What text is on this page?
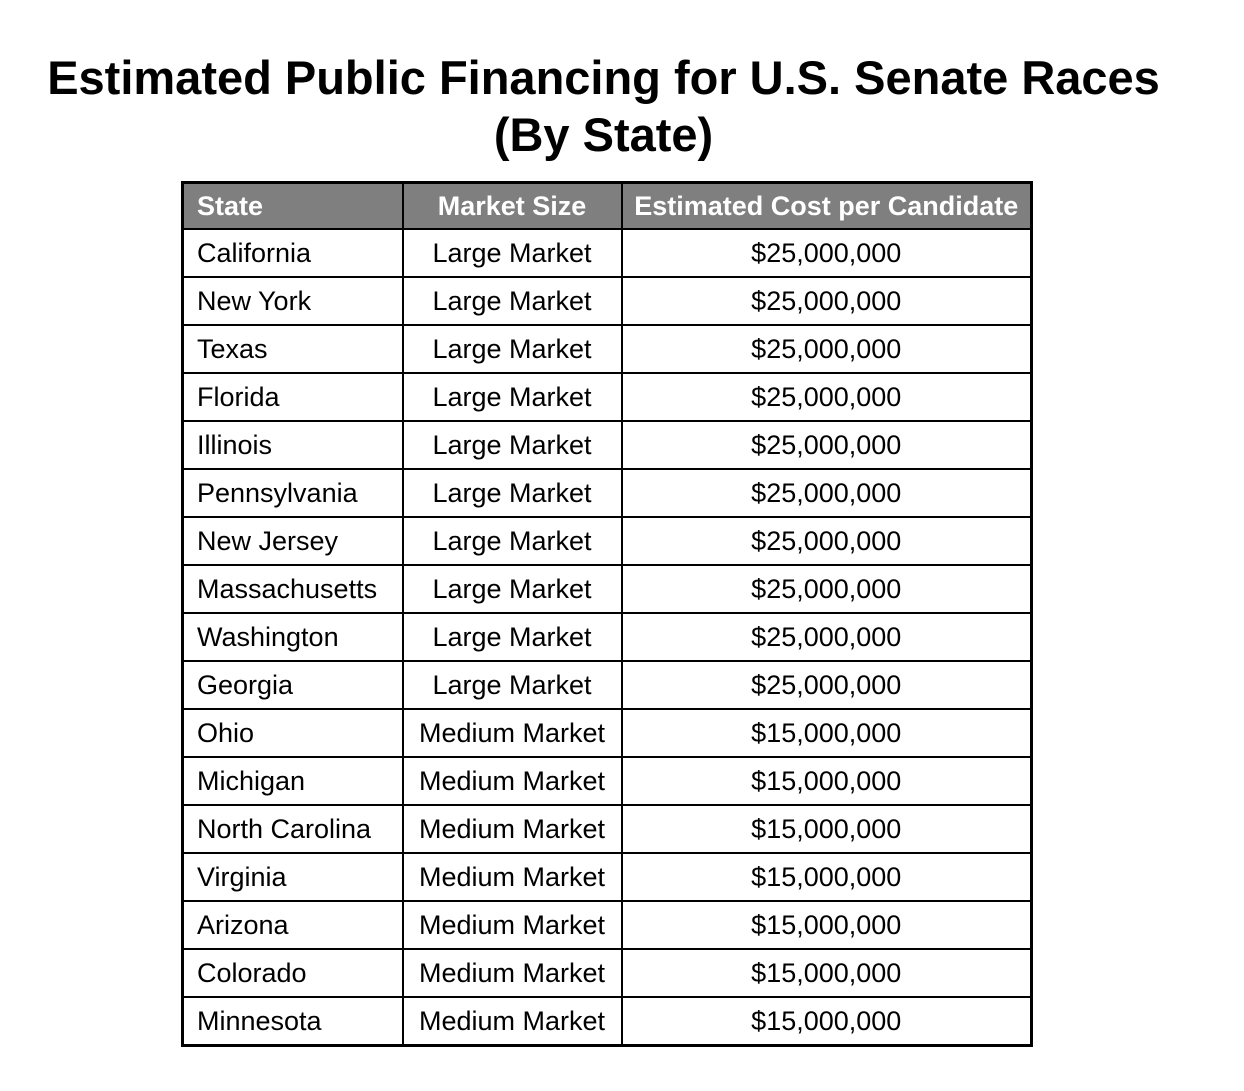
Estimated Public Financing for U.S. Senate Races
(By State)
State	Market Size	Estimated Cost per Candidate
California	Large Market	$25,000,000
New York	Large Market	$25,000,000
Texas	Large Market	$25,000,000
Florida	Large Market	$25,000,000
Illinois	Large Market	$25,000,000
Pennsylvania	Large Market	$25,000,000
New Jersey	Large Market	$25,000,000
Massachusetts	Large Market	$25,000,000
Washington	Large Market	$25,000,000
Georgia	Large Market	$25,000,000
Ohio	Medium Market	$15,000,000
Michigan	Medium Market	$15,000,000
North Carolina	Medium Market	$15,000,000
Virginia	Medium Market	$15,000,000
Arizona	Medium Market	$15,000,000
Colorado	Medium Market	$15,000,000
Minnesota	Medium Market	$15,000,000
